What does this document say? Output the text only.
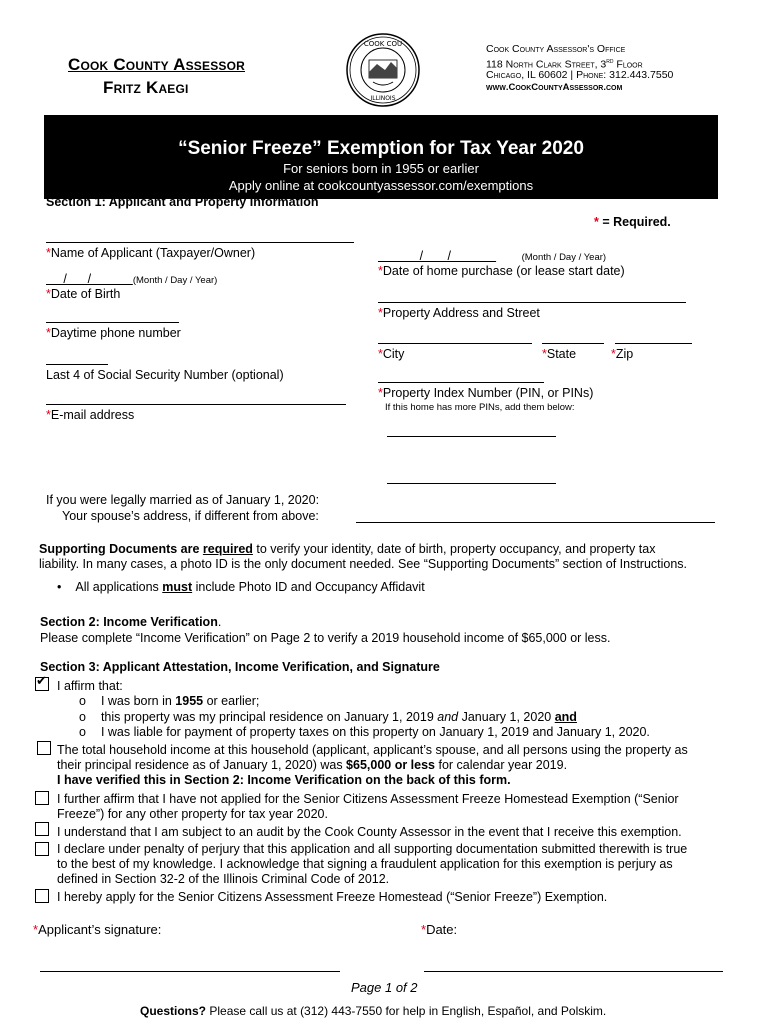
Cook County Assessor
Fritz Kaegi
COOK COU
ILLINOIS
Cook County Assessor's Office
118 North Clark Street, 3rd Floor
Chicago, IL 60602 | Phone: 312.443.7550
www.CookCountyAssessor.com
“Senior Freeze” Exemption for Tax Year 2020
For seniors born in 1955 or earlier
Apply online at cookcountyassessor.com/exemptions
Section 1: Applicant and Property Information
* = Required.
*Name of Applicant (Taxpayer/Owner)
/      /            (Month / Day / Year)
*Date of Birth
*Daytime phone number
Last 4 of Social Security Number (optional)
*E-mail address
/       /	(Month / Day / Year)
*Date of home purchase (or lease start date)
*Property Address and Street
*City	*State	*Zip
*Property Index Number (PIN, or PINs)
If this home has more PINs, add them below:
If you were legally married as of January 1, 2020:
Your spouse’s address, if different from above:
Supporting Documents are required to verify your identity, date of birth, property occupancy, and property tax
liability. In many cases, a photo ID is the only document needed. See “Supporting Documents” section of Instructions.
• All applications must include Photo ID and Occupancy Affidavit
Section 2: Income Verification.
Please complete “Income Verification” on Page 2 to verify a 2019 household income of $65,000 or less.
Section 3: Applicant Attestation, Income Verification, and Signature
✔
I affirm that:
o I was born in 1955 or earlier;
o this property was my principal residence on January 1, 2019 and January 1, 2020 and
o I was liable for payment of property taxes on this property on January 1, 2019 and January 1, 2020.
The total household income at this household (applicant, applicant’s spouse, and all persons using the property as
their principal residence as of January 1, 2020) was $65,000 or less for calendar year 2019.
I have verified this in Section 2: Income Verification on the back of this form.
I further affirm that I have not applied for the Senior Citizens Assessment Freeze Homestead Exemption (“Senior
Freeze”) for any other property for tax year 2020.
I understand that I am subject to an audit by the Cook County Assessor in the event that I receive this exemption.
I declare under penalty of perjury that this application and all supporting documentation submitted therewith is true
to the best of my knowledge. I acknowledge that signing a fraudulent application for this exemption is perjury as
defined in Section 32-2 of the Illinois Criminal Code of 2012.
I hereby apply for the Senior Citizens Assessment Freeze Homestead (“Senior Freeze”) Exemption.
*Applicant’s signature:	*Date:
Page 1 of 2
Questions? Please call us at (312) 443-7550 for help in English, Español, and Polskim.
